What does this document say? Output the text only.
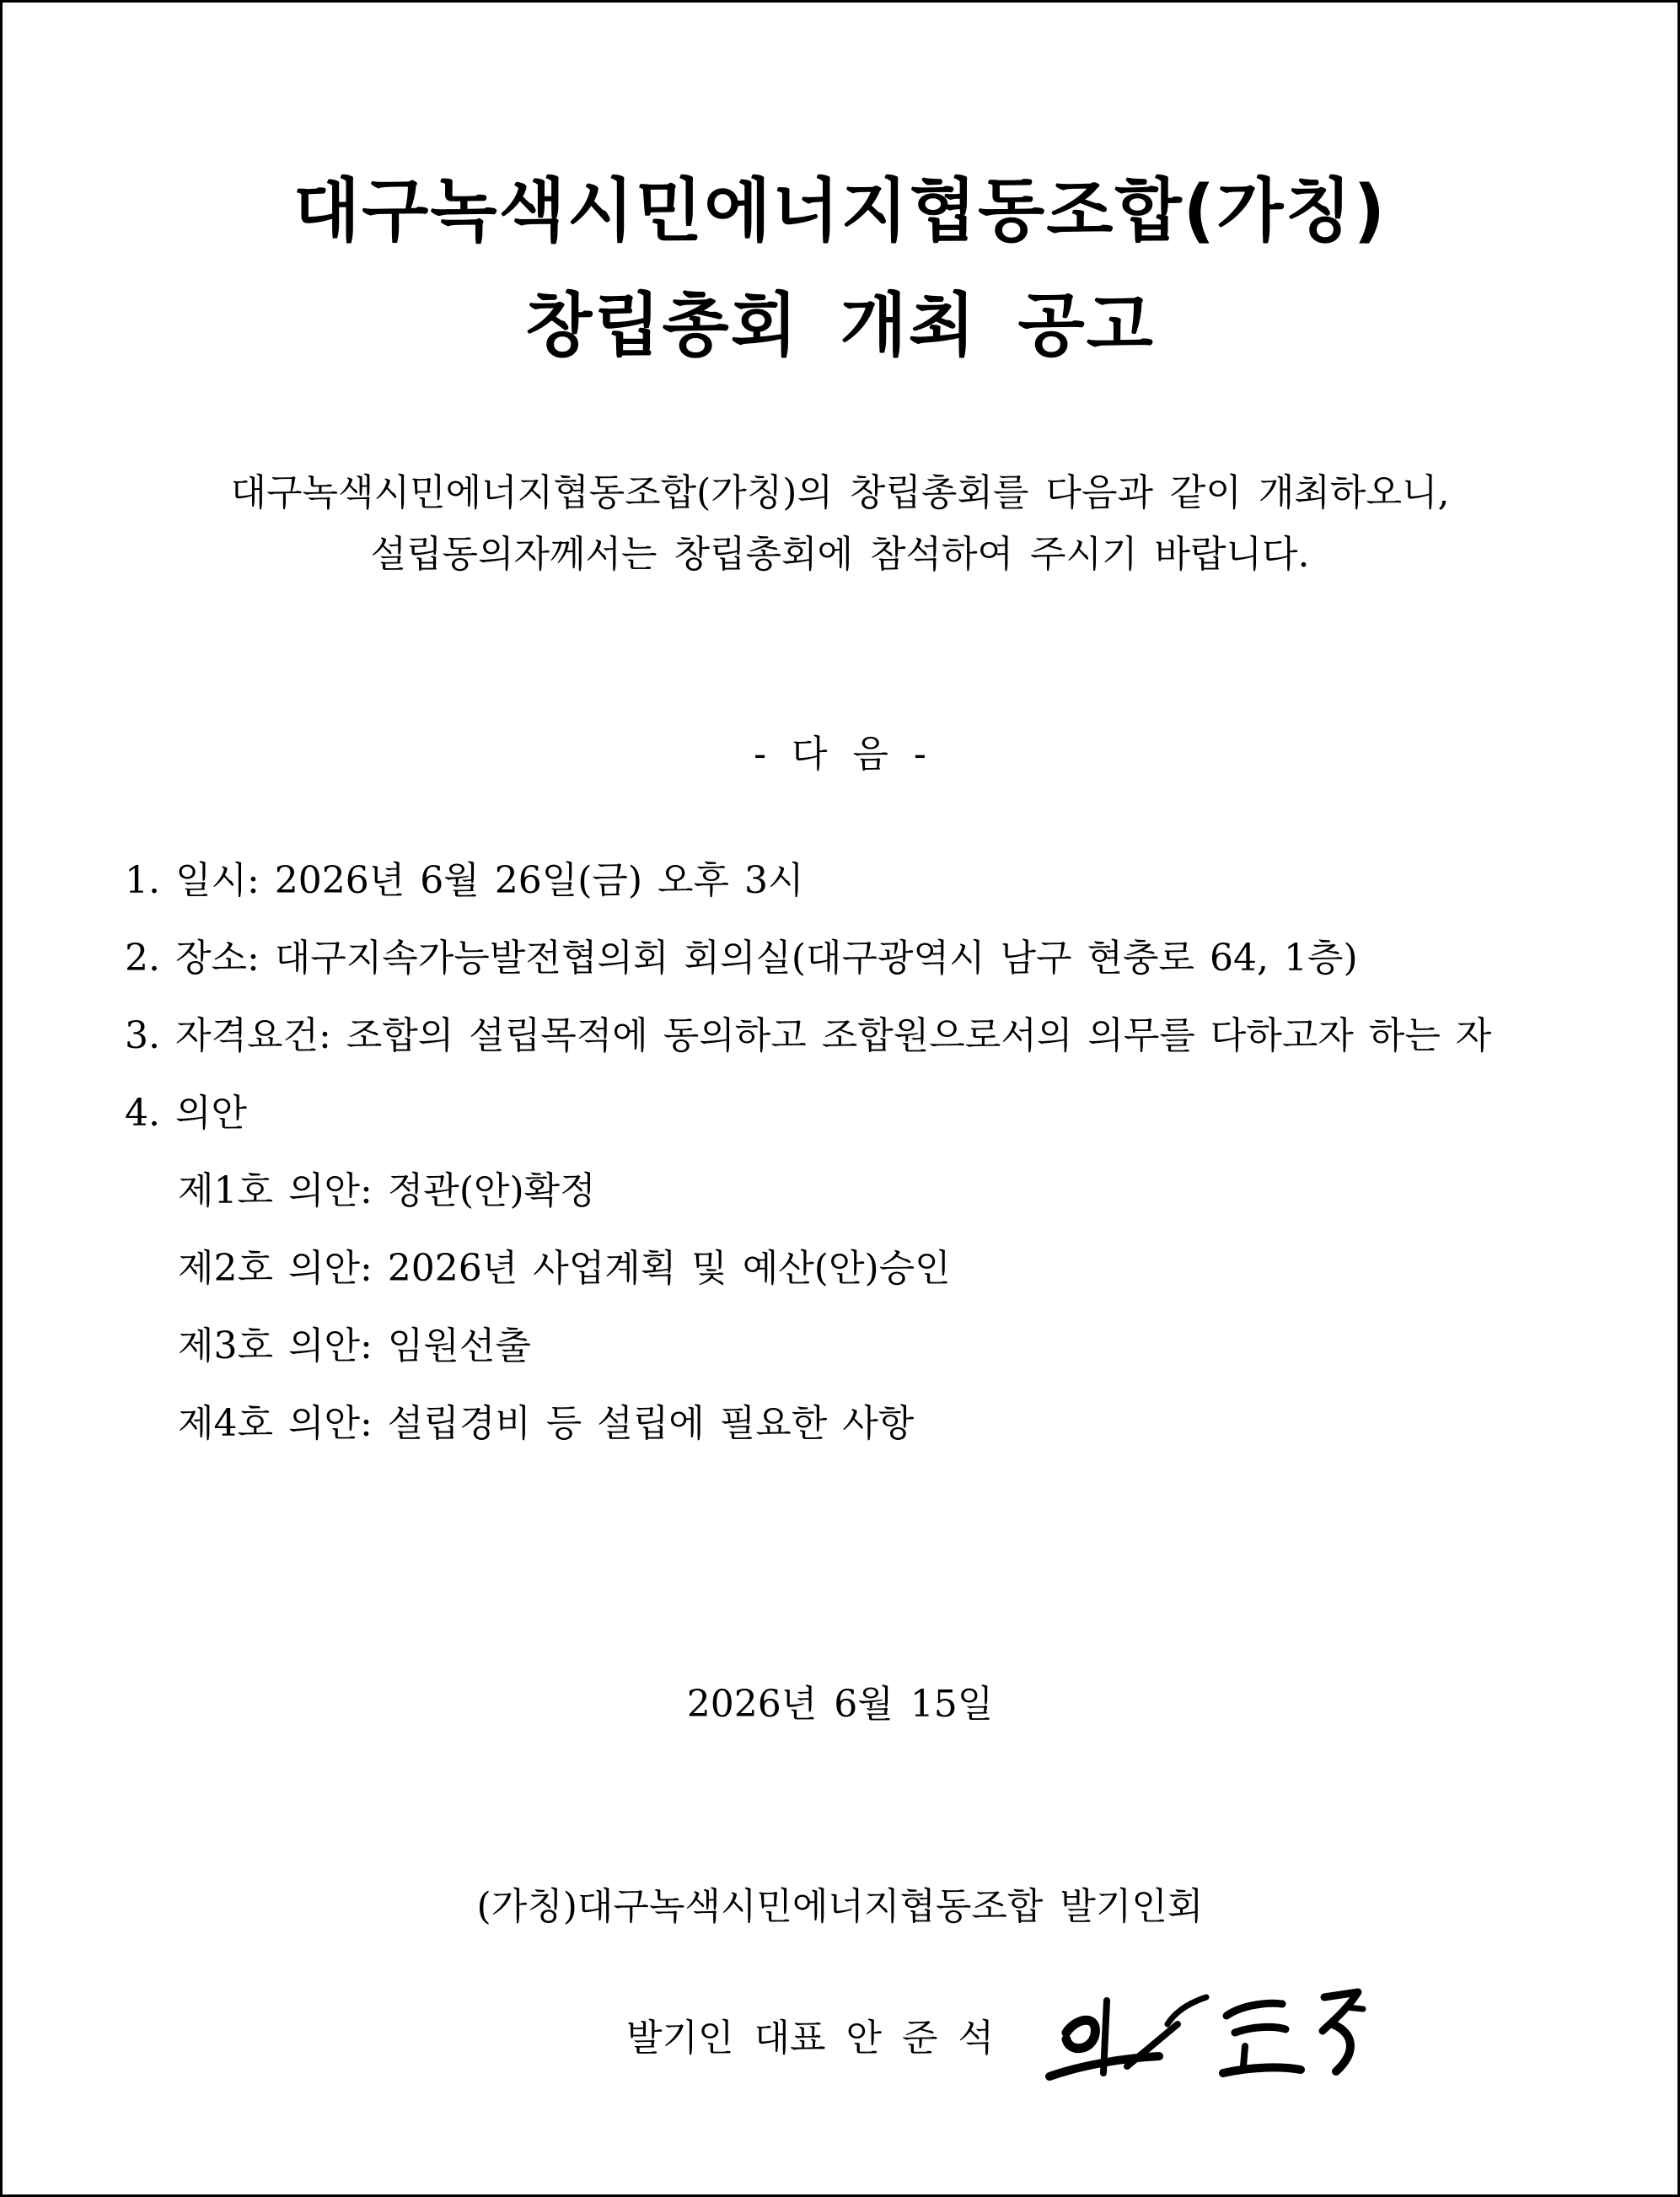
대구녹색시민에너지협동조합(가칭)
창립총회 개최 공고
대구녹색시민에너지협동조합(가칭)의 창립총회를 다음과 같이 개최하오니,
설립동의자께서는 창립총회에 참석하여 주시기 바랍니다.
- 다 음 -
1. 일시: 2026년 6월 26일(금) 오후 3시
2. 장소: 대구지속가능발전협의회 회의실(대구광역시 남구 현충로 64, 1층)
3. 자격요건: 조합의 설립목적에 동의하고 조합원으로서의 의무를 다하고자 하는 자
4. 의안
제1호 의안: 정관(안)확정
제2호 의안: 2026년 사업계획 및 예산(안)승인
제3호 의안: 임원선출
제4호 의안: 설립경비 등 설립에 필요한 사항
2026년 6월 15일
(가칭)대구녹색시민에너지협동조합 발기인회
발기인 대표 안 준 석
